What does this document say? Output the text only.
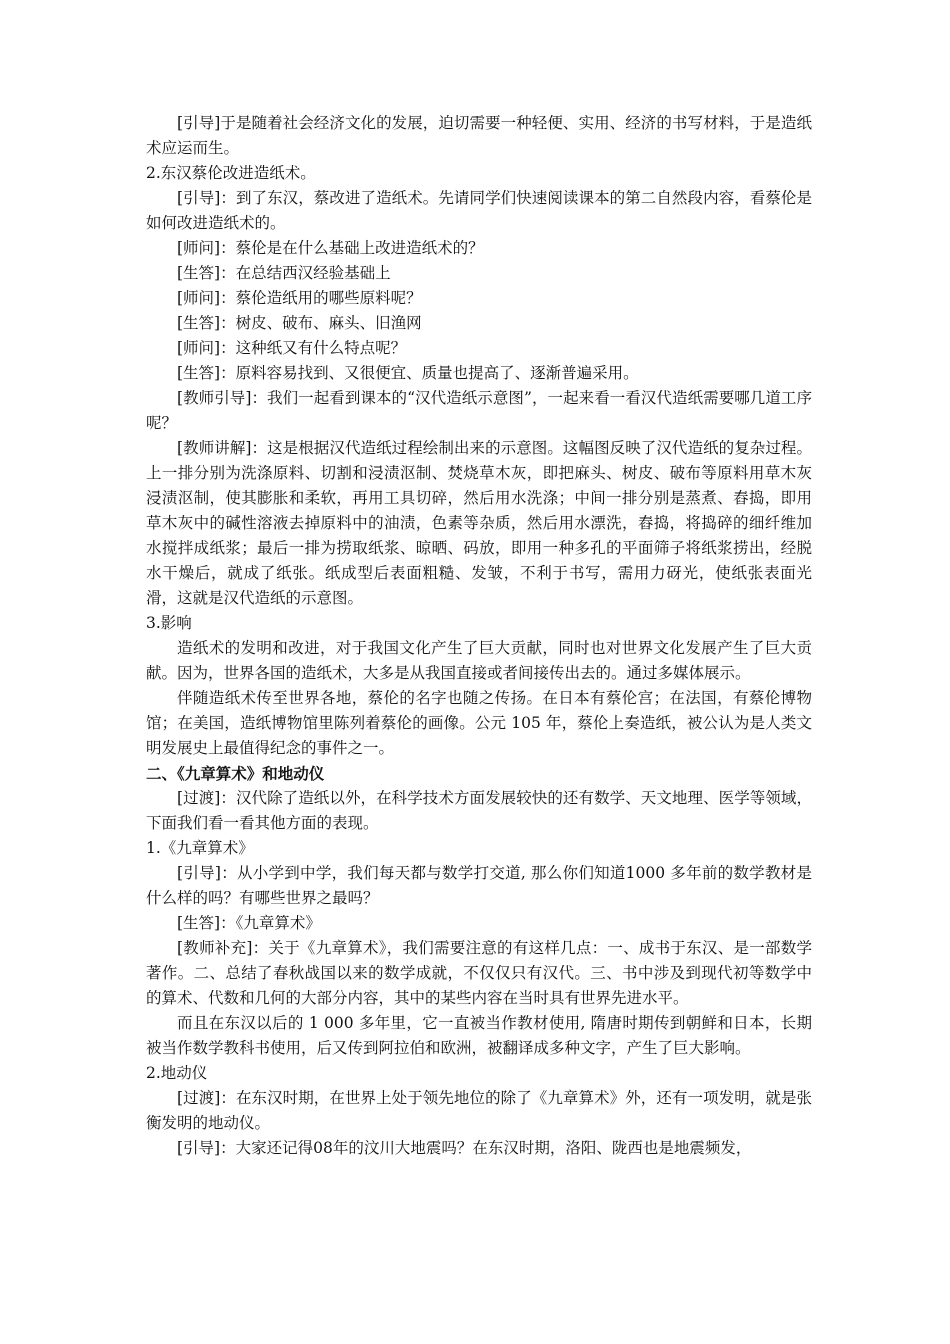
[引导]于是随着社会经济文化的发展，迫切需要一种轻便、实用、经济的书写材料，于是造纸术应运而生。

2.东汉蔡伦改进造纸术。

[引导]：到了东汉，蔡改进了造纸术。先请同学们快速阅读课本的第二自然段内容，看蔡伦是如何改进造纸术的。

[师问]：蔡伦是在什么基础上改进造纸术的？

[生答]：在总结西汉经验基础上

[师问]：蔡伦造纸用的哪些原料呢？

[生答]：树皮、破布、麻头、旧渔网

[师问]：这种纸又有什么特点呢？

[生答]：原料容易找到、又很便宜、质量也提高了、逐渐普遍采用。

[教师引导]：我们一起看到课本的“汉代造纸示意图”，一起来看一看汉代造纸需要哪几道工序呢？

[教师讲解]：这是根据汉代造纸过程绘制出来的示意图。这幅图反映了汉代造纸的复杂过程。上一排分别为洗涤原料、切割和浸渍沤制、焚烧草木灰，即把麻头、树皮、破布等原料用草木灰浸渍沤制，使其膨胀和柔软，再用工具切碎，然后用水洗涤；中间一排分别是蒸煮、舂捣，即用草木灰中的碱性溶液去掉原料中的油渍，色素等杂质，然后用水漂洗，舂捣，将捣碎的细纤维加水搅拌成纸浆；最后一排为捞取纸浆、晾晒、码放，即用一种多孔的平面筛子将纸浆捞出，经脱水干燥后，就成了纸张。纸成型后表面粗糙、发皱，不利于书写，需用力砑光，使纸张表面光滑，这就是汉代造纸的示意图。

3.影响

造纸术的发明和改进，对于我国文化产生了巨大贡献，同时也对世界文化发展产生了巨大贡献。因为，世界各国的造纸术，大多是从我国直接或者间接传出去的。通过多媒体展示。

伴随造纸术传至世界各地，蔡伦的名字也随之传扬。在日本有蔡伦宫；在法国，有蔡伦博物馆；在美国，造纸博物馆里陈列着蔡伦的画像。公元 105 年，蔡伦上奏造纸，被公认为是人类文明发展史上最值得纪念的事件之一。

二、《九章算术》和地动仪

[过渡]：汉代除了造纸以外，在科学技术方面发展较快的还有数学、天文地理、医学等领域，下面我们看一看其他方面的表现。

1.《九章算术》

[引导]：从小学到中学，我们每天都与数学打交道, 那么你们知道1000 多年前的数学教材是什么样的吗？有哪些世界之最吗？

[生答]：《九章算术》

[教师补充]：关于《九章算术》，我们需要注意的有这样几点：一、成书于东汉、是一部数学著作。二、总结了春秋战国以来的数学成就，不仅仅只有汉代。三、书中涉及到现代初等数学中的算术、代数和几何的大部分内容，其中的某些内容在当时具有世界先进水平。

而且在东汉以后的 1 000 多年里，它一直被当作教材使用, 隋唐时期传到朝鲜和日本，长期被当作数学教科书使用，后又传到阿拉伯和欧洲，被翻译成多种文字，产生了巨大影响。

2.地动仪

[过渡]：在东汉时期，在世界上处于领先地位的除了《九章算术》外，还有一项发明，就是张衡发明的地动仪。

[引导]：大家还记得08年的汶川大地震吗？在东汉时期，洛阳、陇西也是地震频发，
